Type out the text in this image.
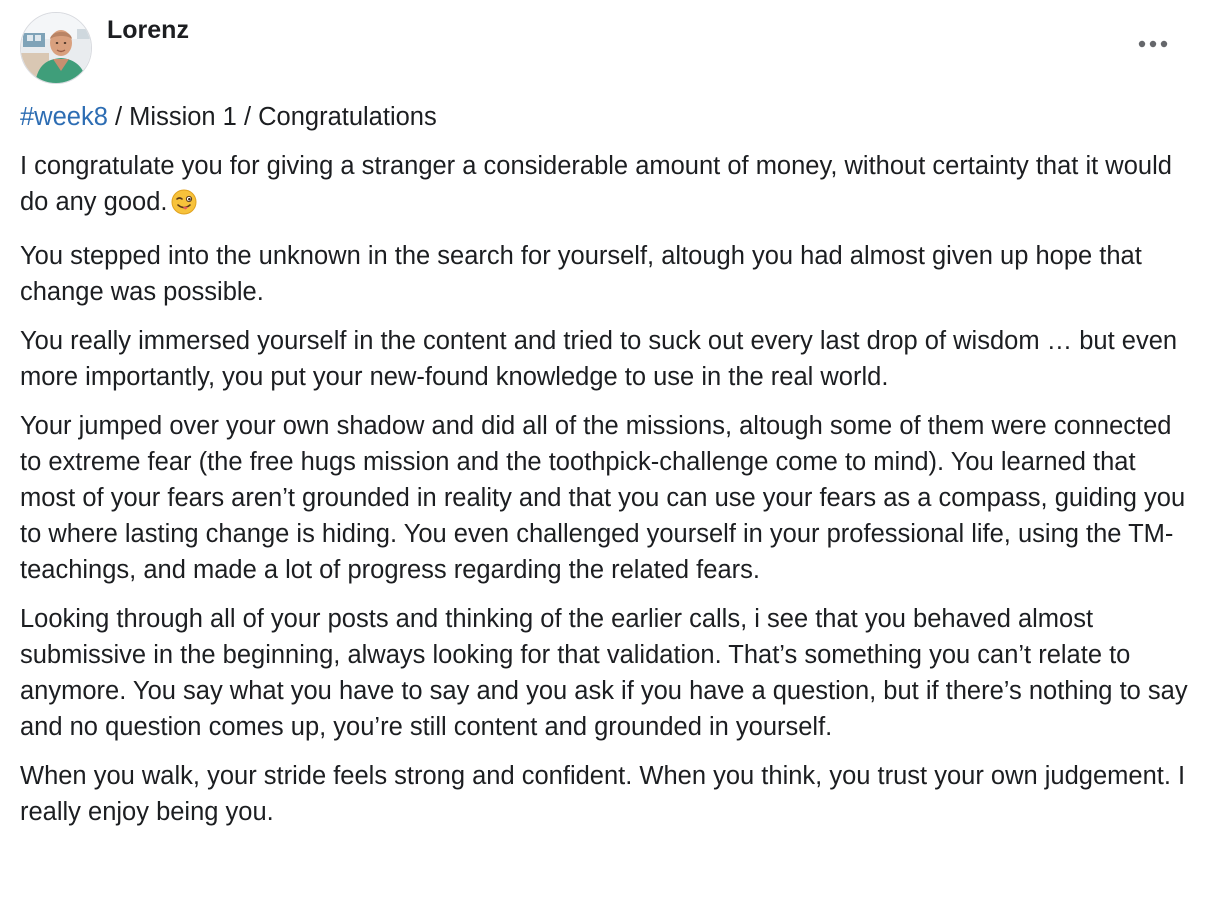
Lorenz
#week8 / Mission 1 / Congratulations

I congratulate you for giving a stranger a considerable amount of money, without certainty that it would do any good.

You stepped into the unknown in the search for yourself, altough you had almost given up hope that change was possible.

You really immersed yourself in the content and tried to suck out every last drop of wisdom … but even more importantly, you put your new-found knowledge to use in the real world.

Your jumped over your own shadow and did all of the missions, altough some of them were connected to extreme fear (the free hugs mission and the toothpick-challenge come to mind). You learned that most of your fears aren’t grounded in reality and that you can use your fears as a compass, guiding you to where lasting change is hiding. You even challenged yourself in your professional life, using the TM-teachings, and made a lot of progress regarding the related fears.

Looking through all of your posts and thinking of the earlier calls, i see that you behaved almost submissive in the beginning, always looking for that validation. That’s something you can’t relate to anymore. You say what you have to say and you ask if you have a question, but if there’s nothing to say and no question comes up, you’re still content and grounded in yourself.

When you walk, your stride feels strong and confident. When you think, you trust your own judgement. I really enjoy being you.
